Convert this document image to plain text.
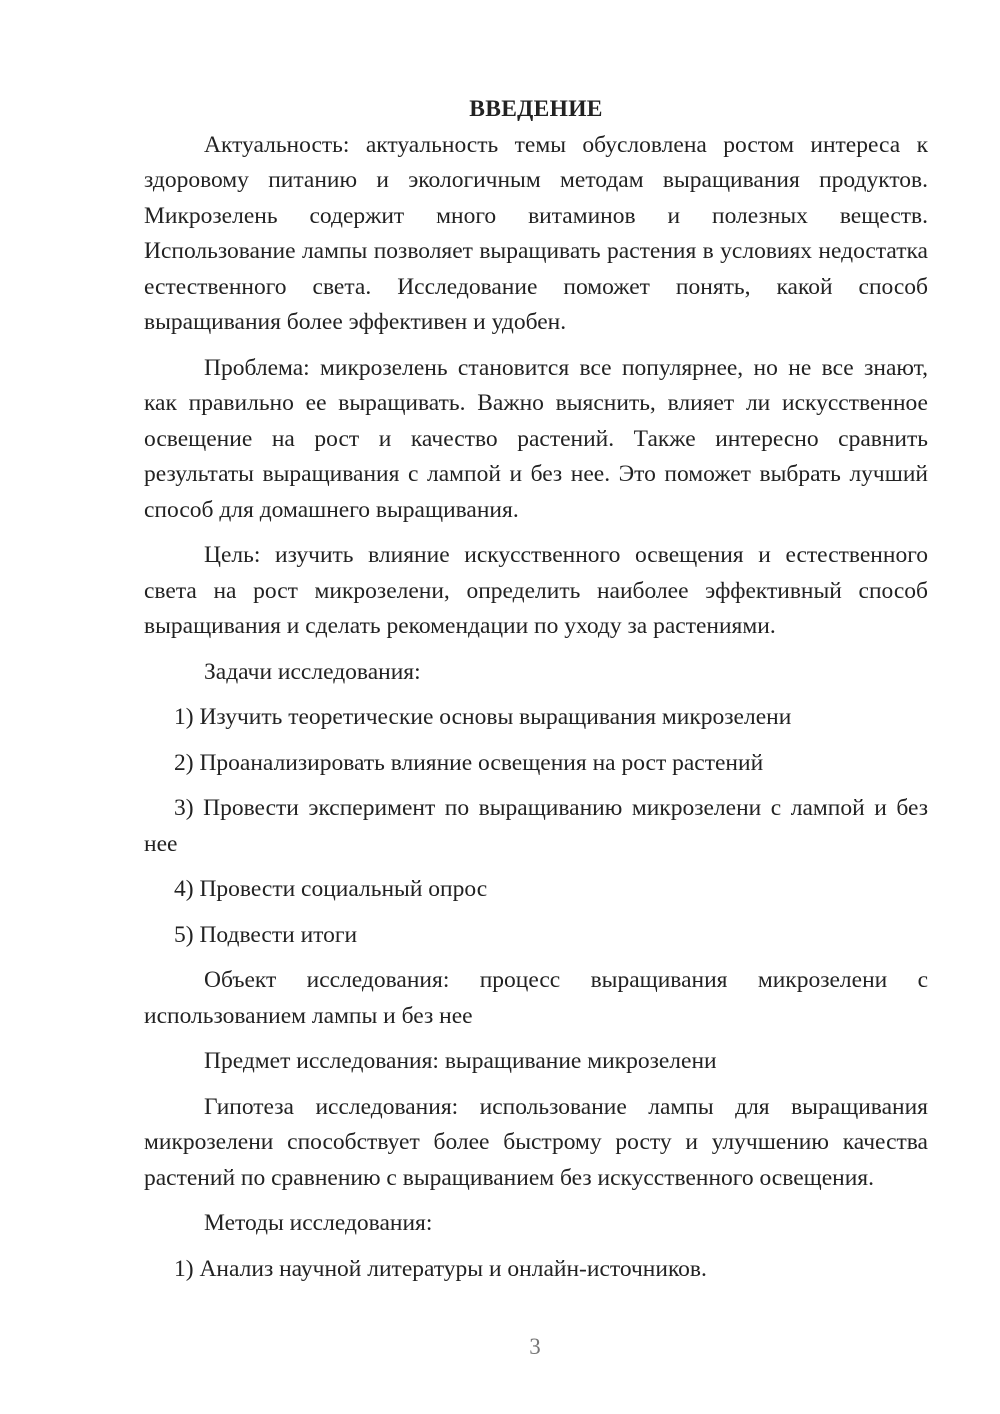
ВВЕДЕНИЕ

Актуальность: актуальность темы обусловлена ростом интереса к здоровому питанию и экологичным методам выращивания продуктов. Микрозелень содержит много витаминов и полезных веществ. Использование лампы позволяет выращивать растения в условиях недостатка естественного света. Исследование поможет понять, какой способ выращивания более эффективен и удобен.

Проблема: микрозелень становится все популярнее, но не все знают, как правильно ее выращивать. Важно выяснить, влияет ли искусственное освещение на рост и качество растений. Также интересно сравнить результаты выращивания с лампой и без нее. Это поможет выбрать лучший способ для домашнего выращивания.

Цель: изучить влияние искусственного освещения и естественного света на рост микрозелени, определить наиболее эффективный способ выращивания и сделать рекомендации по уходу за растениями.

Задачи исследования:

1) Изучить теоретические основы выращивания микрозелени

2) Проанализировать влияние освещения на рост растений

3) Провести эксперимент по выращиванию микрозелени с лампой и без нее

4) Провести социальный опрос

5) Подвести итоги

Объект исследования: процесс выращивания микрозелени с использованием лампы и без нее

Предмет исследования: выращивание микрозелени

Гипотеза исследования: использование лампы для выращивания микрозелени способствует более быстрому росту и улучшению качества растений по сравнению с выращиванием без искусственного освещения.

Методы исследования:

1) Анализ научной литературы и онлайн-источников.

3
